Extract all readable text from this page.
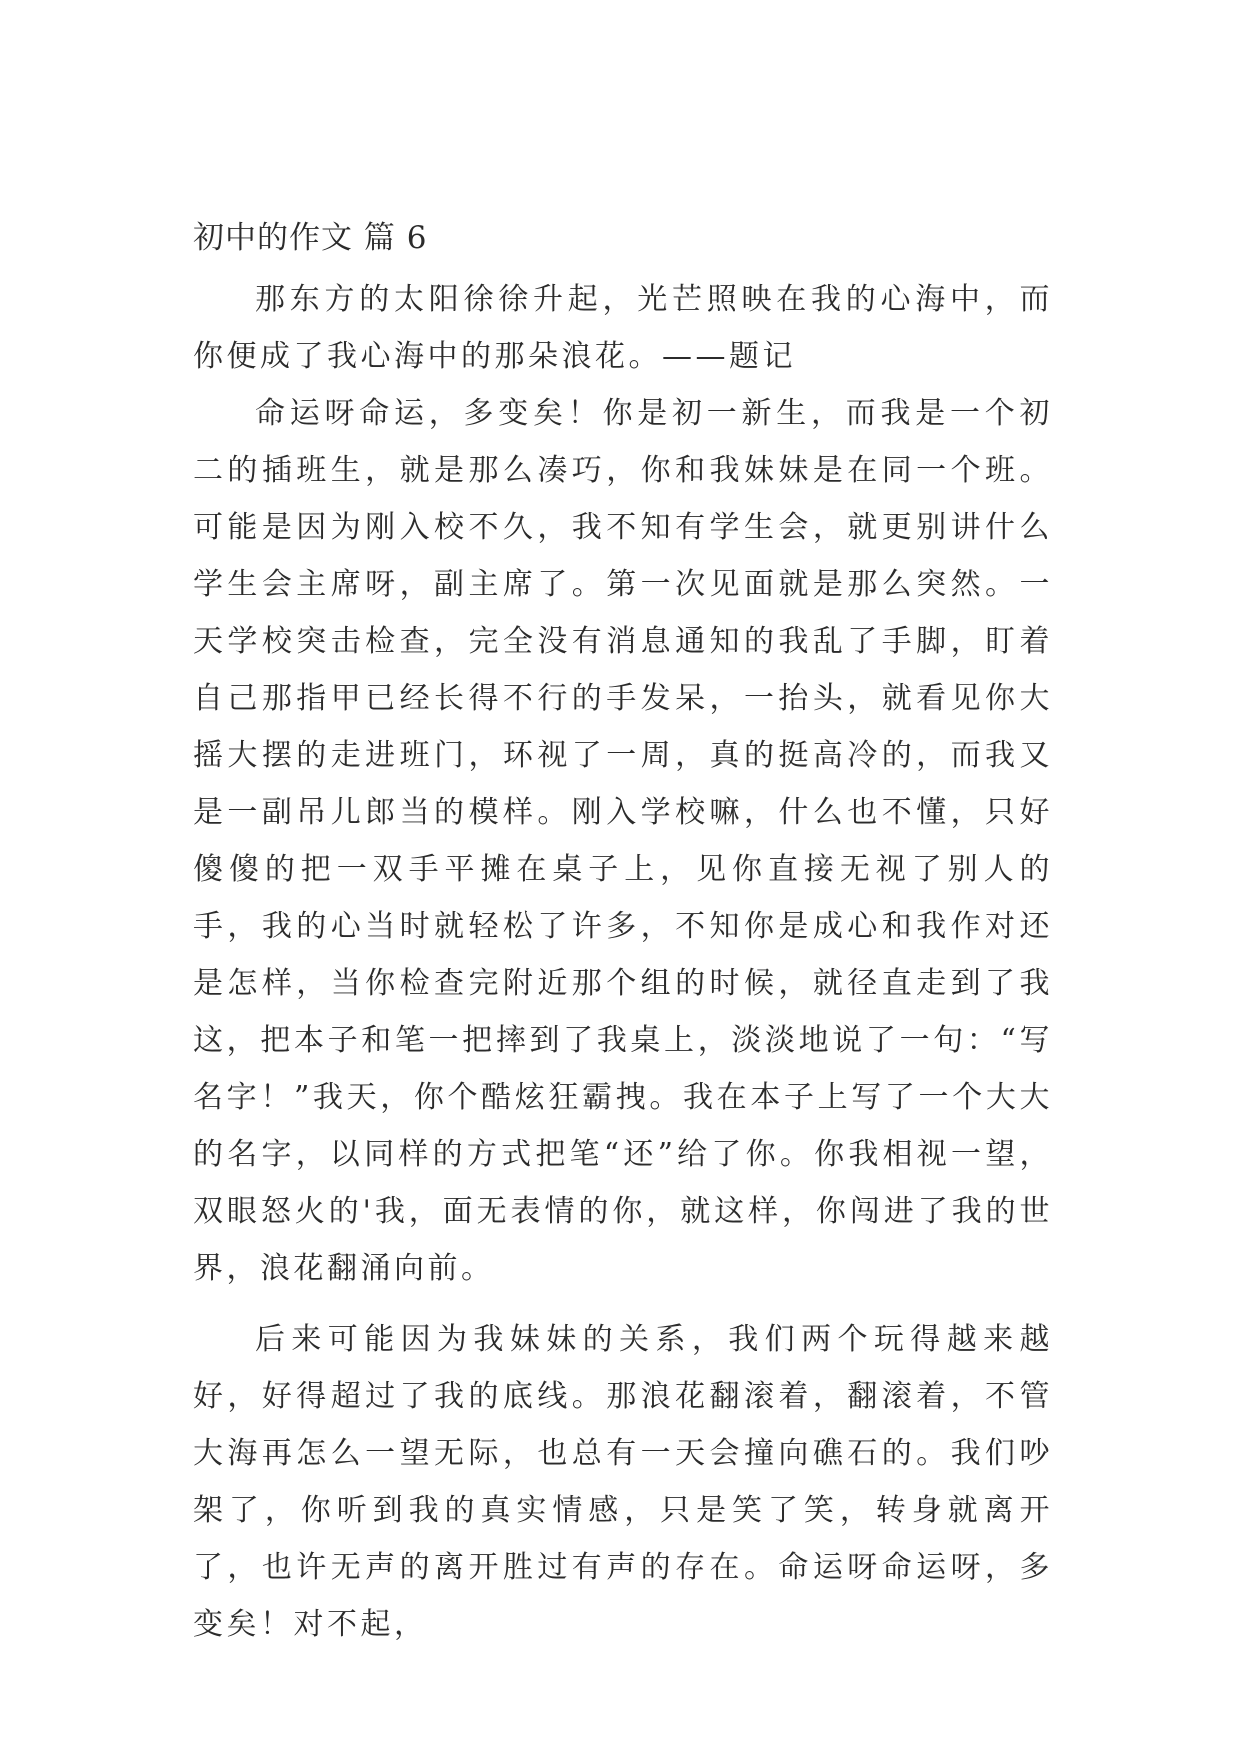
初中的作文 篇 6

那东方的太阳徐徐升起，光芒照映在我的心海中，而你便成了我心海中的那朵浪花。——题记

命运呀命运，多变矣！你是初一新生，而我是一个初二的插班生，就是那么凑巧，你和我妹妹是在同一个班。可能是因为刚入校不久，我不知有学生会，就更别讲什么学生会主席呀，副主席了。第一次见面就是那么突然。一天学校突击检查，完全没有消息通知的我乱了手脚，盯着自己那指甲已经长得不行的手发呆，一抬头，就看见你大摇大摆的走进班门，环视了一周，真的挺高冷的，而我又是一副吊儿郎当的模样。刚入学校嘛，什么也不懂，只好傻傻的把一双手平摊在桌子上，见你直接无视了别人的手，我的心当时就轻松了许多，不知你是成心和我作对还是怎样，当你检查完附近那个组的时候，就径直走到了我这，把本子和笔一把摔到了我桌上，淡淡地说了一句：“写名字！”我天，你个酷炫狂霸拽。我在本子上写了一个大大的名字，以同样的方式把笔“还”给了你。你我相视一望，双眼怒火的'我，面无表情的你，就这样，你闯进了我的世界，浪花翻涌向前。

后来可能因为我妹妹的关系，我们两个玩得越来越好，好得超过了我的底线。那浪花翻滚着，翻滚着，不管大海再怎么一望无际，也总有一天会撞向礁石的。我们吵架了，你听到我的真实情感，只是笑了笑，转身就离开了，也许无声的离开胜过有声的存在。命运呀命运呀，多变矣！对不起，
